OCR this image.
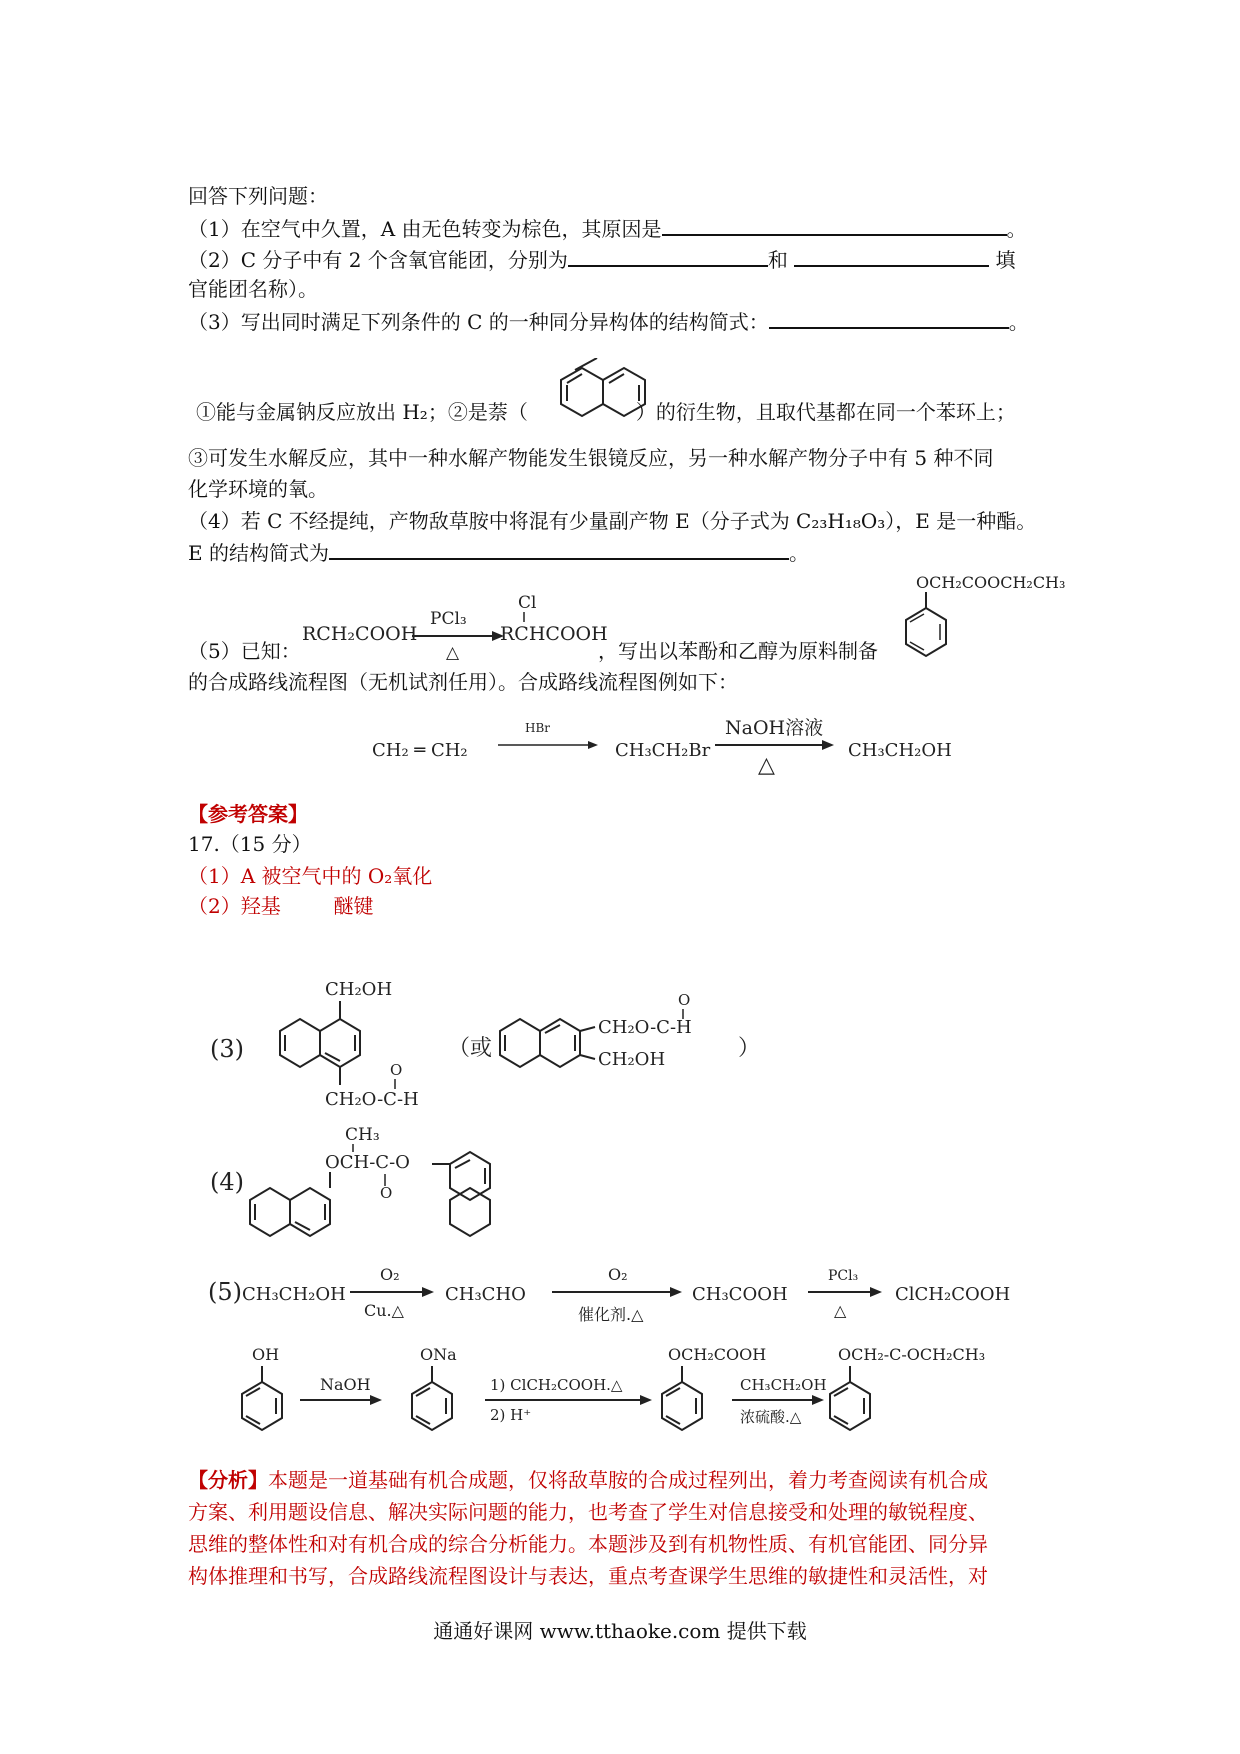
回答下列问题：
（1）在空气中久置，A 由无色转变为棕色，其原因是	。
（2）C 分子中有 2 个含氧官能团，分别为	和	填
官能团名称）。
（3）写出同时满足下列条件的 C 的一种同分异构体的结构简式：	。
①能与金属钠反应放出 H₂；②是萘（	）的衍生物，且取代基都在同一个苯环上；
③可发生水解反应，其中一种水解产物能发生银镜反应，另一种水解产物分子中有 5 种不同
化学环境的氧。
（4）若 C 不经提纯，产物敌草胺中将混有少量副产物 E（分子式为 C₂₃H₁₈O₃），E 是一种酯。
E 的结构简式为	。
（5）已知：
RCH₂COOH
PCl₃
△
Cl
RCHCOOH
，写出以苯酚和乙醇为原料制备
OCH₂COOCH₂CH₃
的合成路线流程图（无机试剂任用）。合成路线流程图例如下：
CH₂ ═ CH₂
HBr
CH₃CH₂Br
NaOH溶液
△
CH₃CH₂OH
【参考答案】
17.（15 分）
（1）A 被空气中的 O₂氧化
（2）羟基	醚键
(3)
CH₂OH
CH₂O-C-H
O
（或
CH₂O-C-H
CH₂OH
O
）
(4)
CH₃
OCH-C-O
O
(5) CH₃CH₂OH
O₂
Cu.△
CH₃CHO
O₂
催化剂.△
CH₃COOH
PCl₃
△
ClCH₂COOH
OH
NaOH
ONa
1) ClCH₂COOH.△
2) H⁺
OCH₂COOH
CH₃CH₂OH
浓硫酸.△
OCH₂-C-OCH₂CH₃
【分析】本题是一道基础有机合成题，仅将敌草胺的合成过程列出，着力考查阅读有机合成
方案、利用题设信息、解决实际问题的能力，也考查了学生对信息接受和处理的敏锐程度、
思维的整体性和对有机合成的综合分析能力。本题涉及到有机物性质、有机官能团、同分异
构体推理和书写，合成路线流程图设计与表达，重点考查课学生思维的敏捷性和灵活性，对
通通好课网 www.tthaoke.com 提供下载
